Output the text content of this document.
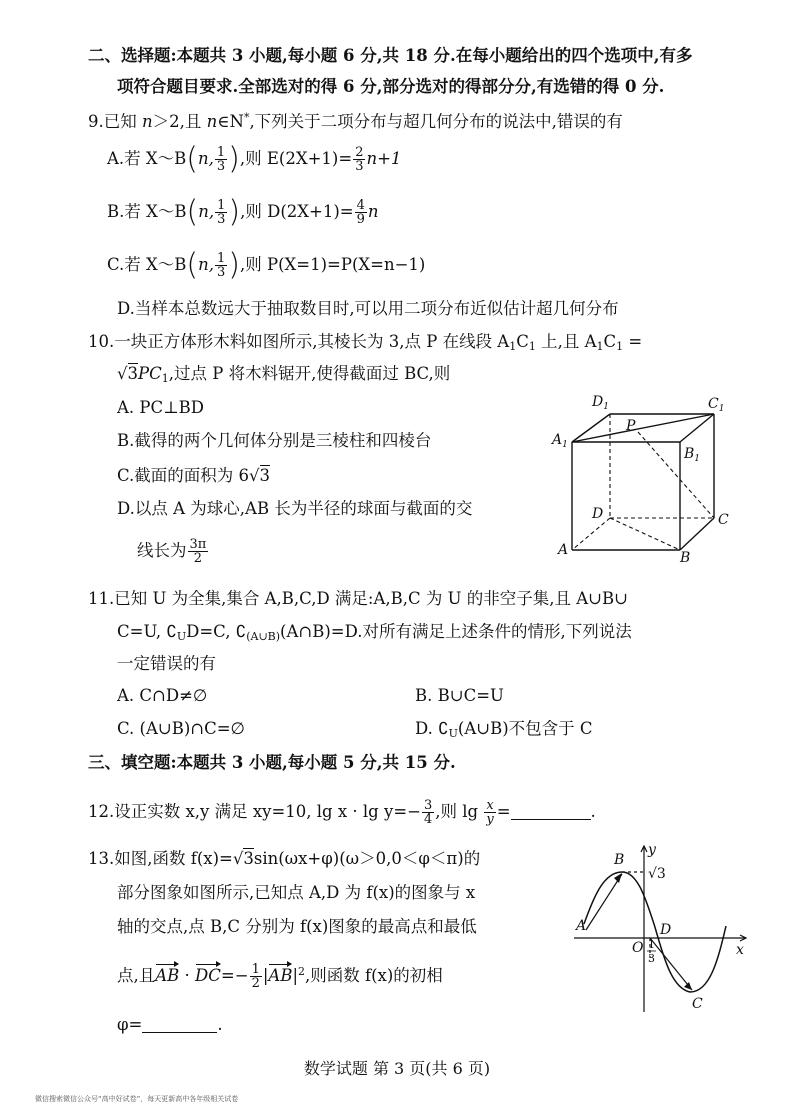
二、选择题:本题共 3 小题,每小题 6 分,共 18 分.在每小题给出的四个选项中,有多
项符合题目要求.全部选对的得 6 分,部分选对的得部分分,有选错的得 0 分.
9.已知 n＞2,且 n∈N*,下列关于二项分布与超几何分布的说法中,错误的有
A.若 X～B(n, $\frac{1}{3}$ ),则 $E(2X+1)= \frac{2}{3} n+1$
B.若 X～B(n, $\frac{1}{3}$ ),则 $D(2X+1)= \frac{4}{9}$ n
C.若 X～B(n, $\frac{1}{3}$ ),则 P(X=1)=P(X=n−1)
D.当样本总数远大于抽取数目时,可以用二项分布近似估计超几何分布
10.一块正方体形木料如图所示,其棱长为 3,点 P 在线段 $A_1C_1$ 上,且 $A_1C_1$ =
$√3PC_1$,过点 P 将木料锯开,使得截面过 BC,则
A. PC⊥BD
B.截得的两个几何体分别是三棱柱和四棱台
C.截面的面积为 6√3
D.以点 A 为球心,AB 长为半径的球面与截面的交
线长为 $\frac{3\pi}{2}$
$D_1$	$C_1$
$A_1$
P
$B_1$
D	C
A	B
11.已知 U 为全集,集合 A,B,C,D 满足:A,B,C 为 U 的非空子集,且 A∪B∪
C=U, $∁_UD=C$, $∁_{(A\cup B)}(A\cap B)=D$.对所有满足上述条件的情形,下列说法
一定错误的有
A. C∩D≠∅	B. B∪C=U
C. (A∪B)∩C=∅	D. $∁_U(A\cup B)$不包含于 C
三、填空题:本题共 3 小题,每小题 5 分,共 15 分.
12.设正实数 x,y 满足 xy=10, $\lg x \cdot \lg y=- \frac{3}{4}$ ,则 $\lg \frac{x}{y}$ =	.
13.如图,函数 f(x)=√3sin(ωx+φ)(ω＞0,0＜φ＜π)的
部分图象如图所示,已知点 A,D 为 f(x)的图象与 x
轴的交点,点 B,C 分别为 f(x)图象的最高点和最低
点,且AB · $DC=- \frac{1}{2} |AB|^2$,则函数 f(x)的初相
φ=	.
B
y
√3
A	D
O 1
3
x
C
数学试题 第 3 页(共 6 页)
微信搜索微信公众号“高中好试卷”，每天更新高中各年级相关试卷
